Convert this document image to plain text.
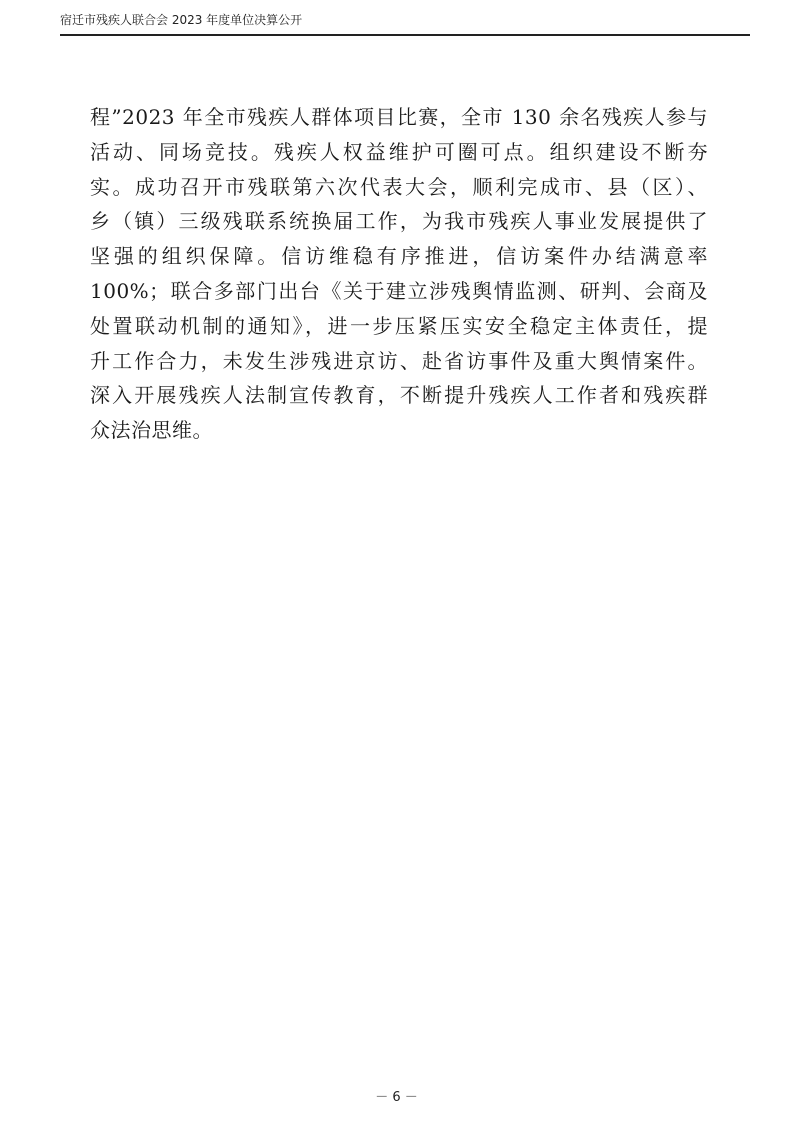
宿迁市残疾人联合会 2023 年度单位决算公开
程”2023 年全市残疾人群体项目比赛，全市 130 余名残疾人参与
活动、同场竞技。残疾人权益维护可圈可点。组织建设不断夯
实。成功召开市残联第六次代表大会，顺利完成市、县（区）、
乡（镇）三级残联系统换届工作，为我市残疾人事业发展提供了
坚强的组织保障。信访维稳有序推进，信访案件办结满意率
100%；联合多部门出台《关于建立涉残舆情监测、研判、会商及
处置联动机制的通知》，进一步压紧压实安全稳定主体责任，提
升工作合力，未发生涉残进京访、赴省访事件及重大舆情案件。
深入开展残疾人法制宣传教育，不断提升残疾人工作者和残疾群
众法治思维。
－ 6 －
